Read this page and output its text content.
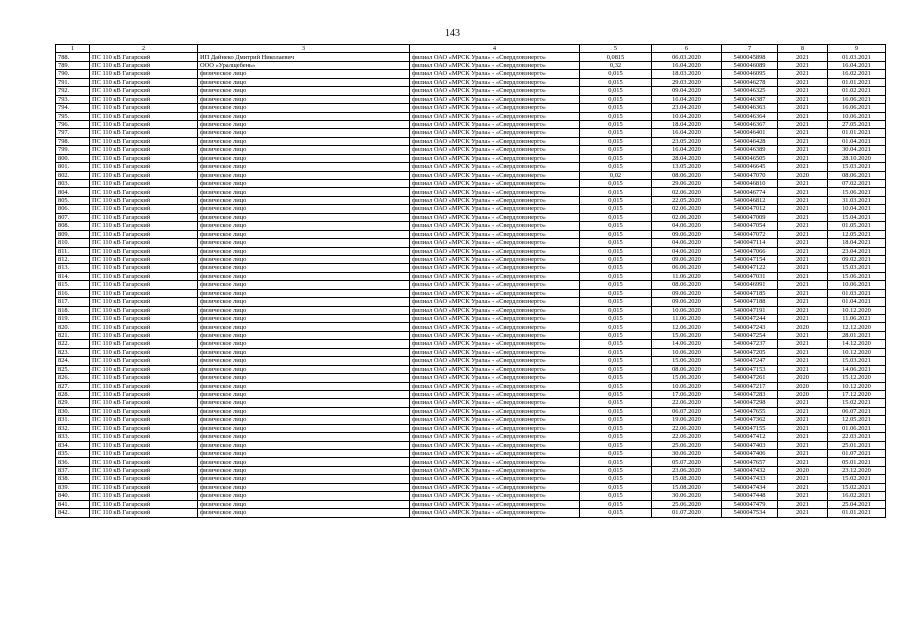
143
1	2	3	4	5	6	7	8	9
788.	ПС 110 кВ Гагарский	ИП Дайнеко Дмитрий Николаевич	филиал ОАО «МРСК Урала» - «Свердловэнерго»	0,0815	06.03.2020	5400045898	2021	01.03.2021
789.	ПС 110 кВ Гагарский	ООО «Уралщебень»	филиал ОАО «МРСК Урала» - «Свердловэнерго»	0,32	16.04.2020	5400046089	2021	16.04.2021
790.	ПС 110 кВ Гагарский	физическое лицо	филиал ОАО «МРСК Урала» - «Свердловэнерго»	0,015	18.03.2020	5400046095	2021	16.02.2021
791.	ПС 110 кВ Гагарский	физическое лицо	филиал ОАО «МРСК Урала» - «Свердловэнерго»	0,015	29.03.2020	5400046278	2021	01.01.2021
792.	ПС 110 кВ Гагарский	физическое лицо	филиал ОАО «МРСК Урала» - «Свердловэнерго»	0,015	09.04.2020	5400046325	2021	01.02.2021
793.	ПС 110 кВ Гагарский	физическое лицо	филиал ОАО «МРСК Урала» - «Свердловэнерго»	0,015	16.04.2020	5400046387	2021	16.06.2021
794.	ПС 110 кВ Гагарский	физическое лицо	филиал ОАО «МРСК Урала» - «Свердловэнерго»	0,015	23.04.2020	5400046363	2021	16.06.2021
795.	ПС 110 кВ Гагарский	физическое лицо	филиал ОАО «МРСК Урала» - «Свердловэнерго»	0,015	10.04.2020	5400046364	2021	10.06.2021
796.	ПС 110 кВ Гагарский	физическое лицо	филиал ОАО «МРСК Урала» - «Свердловэнерго»	0,015	18.04.2020	5400046367	2021	27.05.2021
797.	ПС 110 кВ Гагарский	физическое лицо	филиал ОАО «МРСК Урала» - «Свердловэнерго»	0,015	16.04.2020	5400046401	2021	01.01.2021
798.	ПС 110 кВ Гагарский	физическое лицо	филиал ОАО «МРСК Урала» - «Свердловэнерго»	0,015	23.05.2020	5400046428	2021	01.04.2021
799.	ПС 110 кВ Гагарский	физическое лицо	филиал ОАО «МРСК Урала» - «Свердловэнерго»	0,015	16.04.2020	5400046389	2021	30.04.2021
800.	ПС 110 кВ Гагарский	физическое лицо	филиал ОАО «МРСК Урала» - «Свердловэнерго»	0,015	28.04.2020	5400046505	2021	28.10.2020
801.	ПС 110 кВ Гагарский	физическое лицо	филиал ОАО «МРСК Урала» - «Свердловэнерго»	0,015	13.05.2020	5400046645	2021	15.03.2021
802.	ПС 110 кВ Гагарский	физическое лицо	филиал ОАО «МРСК Урала» - «Свердловэнерго»	0,02	08.06.2020	5400047070	2020	08.06.2021
803.	ПС 110 кВ Гагарский	физическое лицо	филиал ОАО «МРСК Урала» - «Свердловэнерго»	0,015	29.06.2020	5400046810	2021	07.02.2021
804.	ПС 110 кВ Гагарский	физическое лицо	филиал ОАО «МРСК Урала» - «Свердловэнерго»	0,015	02.06.2020	5400046774	2021	15.06.2021
805.	ПС 110 кВ Гагарский	физическое лицо	филиал ОАО «МРСК Урала» - «Свердловэнерго»	0,015	22.05.2020	5400046812	2021	31.03.2021
806.	ПС 110 кВ Гагарский	физическое лицо	филиал ОАО «МРСК Урала» - «Свердловэнерго»	0,015	02.06.2020	5400047012	2021	10.04.2021
807.	ПС 110 кВ Гагарский	физическое лицо	филиал ОАО «МРСК Урала» - «Свердловэнерго»	0,015	02.06.2020	5400047009	2021	15.04.2021
808.	ПС 110 кВ Гагарский	физическое лицо	филиал ОАО «МРСК Урала» - «Свердловэнерго»	0,015	04.06.2020	5400047054	2021	01.05.2021
809.	ПС 110 кВ Гагарский	физическое лицо	филиал ОАО «МРСК Урала» - «Свердловэнерго»	0,015	09.06.2020	5400047072	2021	12.05.2021
810.	ПС 110 кВ Гагарский	физическое лицо	филиал ОАО «МРСК Урала» - «Свердловэнерго»	0,015	04.06.2020	5400047114	2021	18.04.2021
811.	ПС 110 кВ Гагарский	физическое лицо	филиал ОАО «МРСК Урала» - «Свердловэнерго»	0,015	04.06.2020	5400047066	2021	23.04.2021
812.	ПС 110 кВ Гагарский	физическое лицо	филиал ОАО «МРСК Урала» - «Свердловэнерго»	0,015	09.06.2020	5400047154	2021	09.02.2021
813.	ПС 110 кВ Гагарский	физическое лицо	филиал ОАО «МРСК Урала» - «Свердловэнерго»	0,015	06.06.2020	5400047122	2021	15.03.2021
814.	ПС 110 кВ Гагарский	физическое лицо	филиал ОАО «МРСК Урала» - «Свердловэнерго»	0,015	11.06.2020	5400047031	2021	15.06.2021
815.	ПС 110 кВ Гагарский	физическое лицо	филиал ОАО «МРСК Урала» - «Свердловэнерго»	0,015	08.06.2020	5400046991	2021	10.06.2021
816.	ПС 110 кВ Гагарский	физическое лицо	филиал ОАО «МРСК Урала» - «Свердловэнерго»	0,015	09.06.2020	5400047185	2021	01.03.2021
817.	ПС 110 кВ Гагарский	физическое лицо	филиал ОАО «МРСК Урала» - «Свердловэнерго»	0,015	09.06.2020	5400047188	2021	01.04.2021
818.	ПС 110 кВ Гагарский	физическое лицо	филиал ОАО «МРСК Урала» - «Свердловэнерго»	0,015	10.06.2020	5400047191	2021	10.12.2020
819.	ПС 110 кВ Гагарский	физическое лицо	филиал ОАО «МРСК Урала» - «Свердловэнерго»	0,015	11.06.2020	5400047244	2021	11.06.2021
820.	ПС 110 кВ Гагарский	физическое лицо	филиал ОАО «МРСК Урала» - «Свердловэнерго»	0,015	12.06.2020	5400047243	2020	12.12.2020
821.	ПС 110 кВ Гагарский	физическое лицо	филиал ОАО «МРСК Урала» - «Свердловэнерго»	0,015	15.06.2020	5400047254	2021	28.01.2021
822.	ПС 110 кВ Гагарский	физическое лицо	филиал ОАО «МРСК Урала» - «Свердловэнерго»	0,015	14.06.2020	5400047237	2021	14.12.2020
823.	ПС 110 кВ Гагарский	физическое лицо	филиал ОАО «МРСК Урала» - «Свердловэнерго»	0,015	10.06.2020	5400047205	2021	10.12.2020
824.	ПС 110 кВ Гагарский	физическое лицо	филиал ОАО «МРСК Урала» - «Свердловэнерго»	0,015	15.06.2020	5400047247	2021	15.03.2021
825.	ПС 110 кВ Гагарский	физическое лицо	филиал ОАО «МРСК Урала» - «Свердловэнерго»	0,015	08.06.2020	5400047153	2021	14.06.2021
826.	ПС 110 кВ Гагарский	физическое лицо	филиал ОАО «МРСК Урала» - «Свердловэнерго»	0,015	15.06.2020	5400047261	2020	15.12.2020
827.	ПС 110 кВ Гагарский	физическое лицо	филиал ОАО «МРСК Урала» - «Свердловэнерго»	0,015	10.06.2020	5400047217	2020	10.12.2020
828.	ПС 110 кВ Гагарский	физическое лицо	филиал ОАО «МРСК Урала» - «Свердловэнерго»	0,015	17.06.2020	5400047283	2020	17.12.2020
829.	ПС 110 кВ Гагарский	физическое лицо	филиал ОАО «МРСК Урала» - «Свердловэнерго»	0,015	22.06.2020	5400047298	2021	15.02.2021
830.	ПС 110 кВ Гагарский	физическое лицо	филиал ОАО «МРСК Урала» - «Свердловэнерго»	0,015	06.07.2020	5400047655	2021	06.07.2021
831.	ПС 110 кВ Гагарский	физическое лицо	филиал ОАО «МРСК Урала» - «Свердловэнерго»	0,015	19.06.2020	5400047362	2021	12.05.2021
832.	ПС 110 кВ Гагарский	физическое лицо	филиал ОАО «МРСК Урала» - «Свердловэнерго»	0,015	22.06.2020	5400047155	2021	01.06.2021
833.	ПС 110 кВ Гагарский	физическое лицо	филиал ОАО «МРСК Урала» - «Свердловэнерго»	0,015	22.06.2020	5400047412	2021	22.03.2021
834.	ПС 110 кВ Гагарский	физическое лицо	филиал ОАО «МРСК Урала» - «Свердловэнерго»	0,015	25.06.2020	5400047403	2021	25.01.2021
835.	ПС 110 кВ Гагарский	физическое лицо	филиал ОАО «МРСК Урала» - «Свердловэнерго»	0,015	30.06.2020	5400047406	2021	01.07.2021
836.	ПС 110 кВ Гагарский	физическое лицо	филиал ОАО «МРСК Урала» - «Свердловэнерго»	0,015	05.07.2020	5400047657	2021	05.01.2021
837.	ПС 110 кВ Гагарский	физическое лицо	филиал ОАО «МРСК Урала» - «Свердловэнерго»	0,015	23.06.2020	5400047432	2020	23.12.2020
838.	ПС 110 кВ Гагарский	физическое лицо	филиал ОАО «МРСК Урала» - «Свердловэнерго»	0,015	15.08.2020	5400047433	2021	15.02.2021
839.	ПС 110 кВ Гагарский	физическое лицо	филиал ОАО «МРСК Урала» - «Свердловэнерго»	0,015	15.08.2020	5400047434	2021	15.02.2021
840.	ПС 110 кВ Гагарский	физическое лицо	филиал ОАО «МРСК Урала» - «Свердловэнерго»	0,015	30.06.2020	5400047448	2021	16.02.2021
841.	ПС 110 кВ Гагарский	физическое лицо	филиал ОАО «МРСК Урала» - «Свердловэнерго»	0,015	25.06.2020	5400047479	2021	25.04.2021
842.	ПС 110 кВ Гагарский	физическое лицо	филиал ОАО «МРСК Урала» - «Свердловэнерго»	0,015	01.07.2020	5400047534	2021	01.01.2021
